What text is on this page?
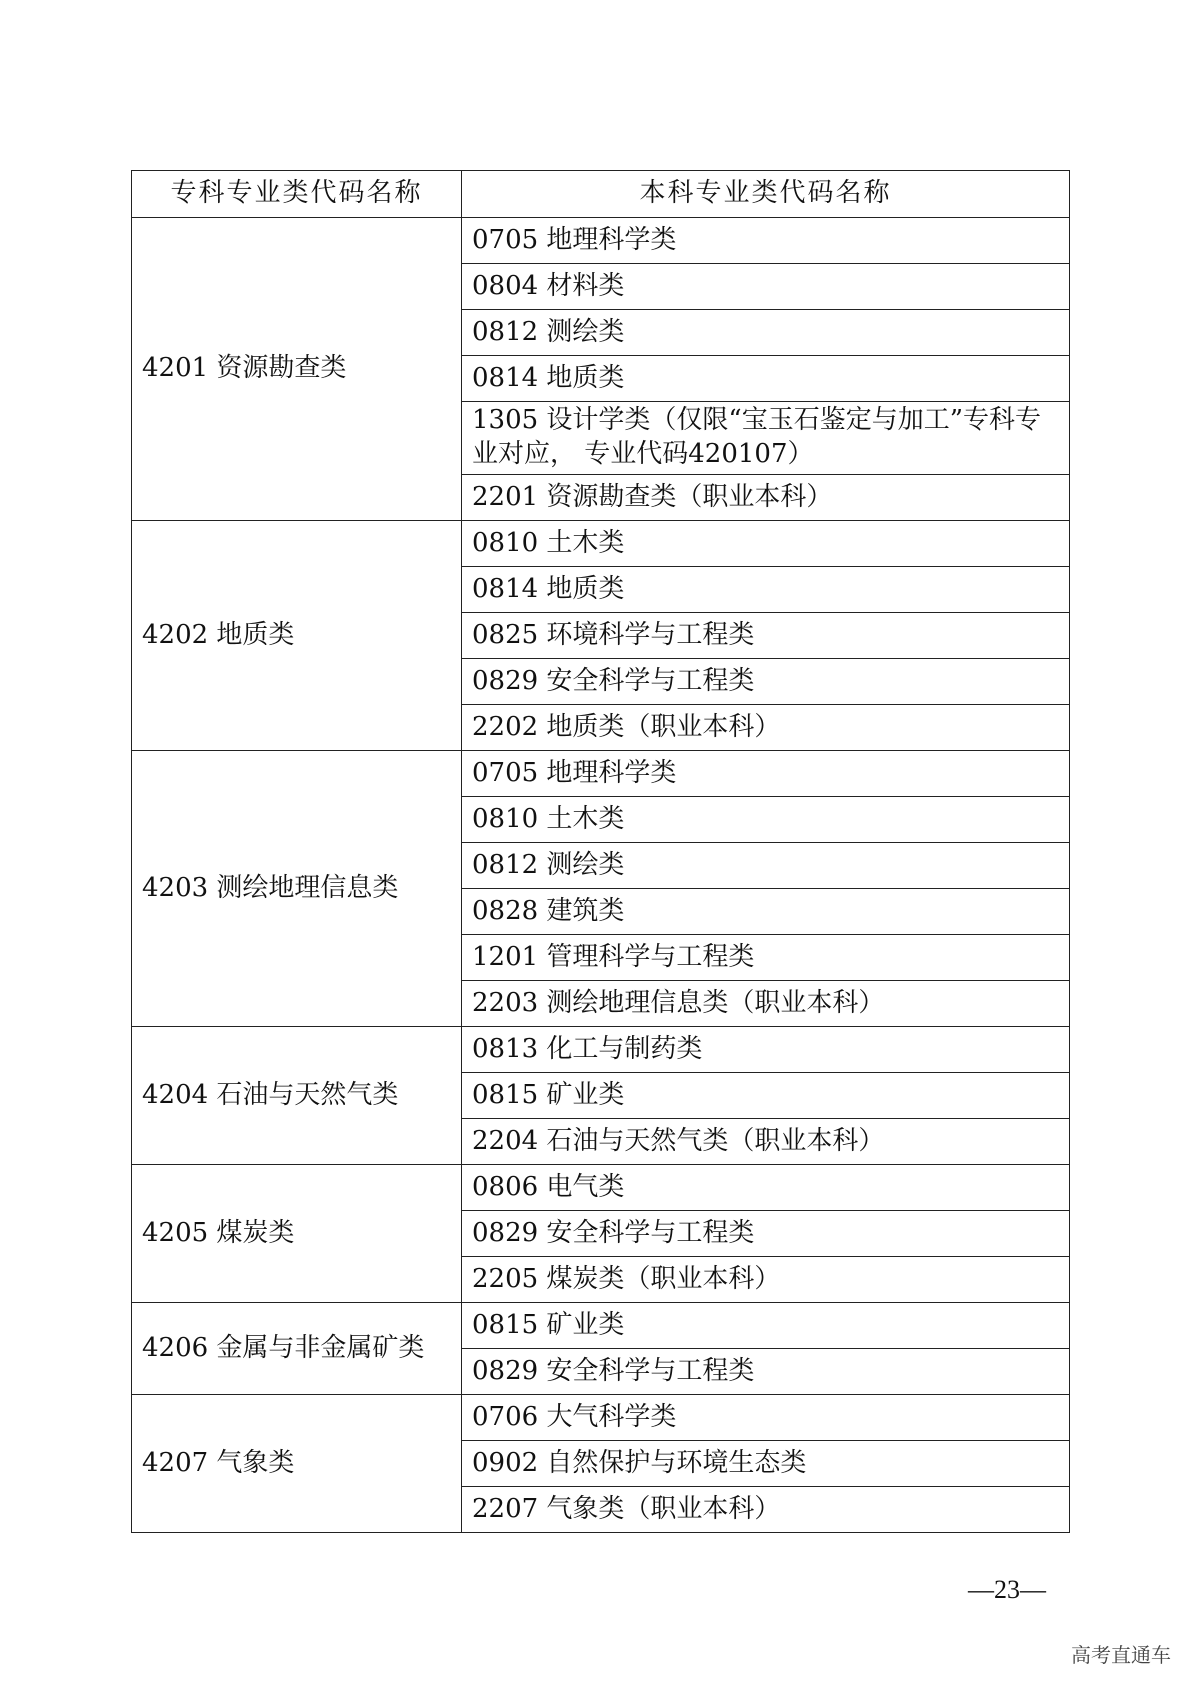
专科专业类代码名称	本科专业类代码名称
4201 资源勘查类	0705 地理科学类
	0804 材料类
	0812 测绘类
	0814 地质类
	1305 设计学类（仅限“宝玉石鉴定与加工”专科专业对应， 专业代码420107）
	2201 资源勘查类（职业本科）
4202 地质类	0810 土木类
	0814 地质类
	0825 环境科学与工程类
	0829 安全科学与工程类
	2202 地质类（职业本科）
4203 测绘地理信息类	0705 地理科学类
	0810 土木类
	0812 测绘类
	0828 建筑类
	1201 管理科学与工程类
	2203 测绘地理信息类（职业本科）
4204 石油与天然气类	0813 化工与制药类
	0815 矿业类
	2204 石油与天然气类（职业本科）
4205 煤炭类	0806 电气类
	0829 安全科学与工程类
	2205 煤炭类（职业本科）
4206 金属与非金属矿类	0815 矿业类
	0829 安全科学与工程类
4207 气象类	0706 大气科学类
	0902 自然保护与环境生态类
	2207 气象类（职业本科）
—23—
高考直通车
